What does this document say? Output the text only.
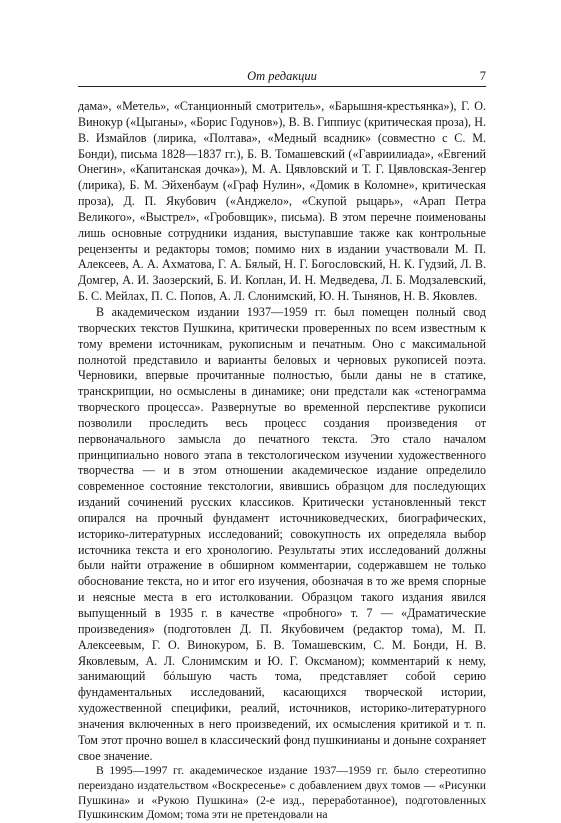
От редакции	7

дама», «Метель», «Станционный смотритель», «Барышня-крестьянка»), Г. О. Винокур («Цыганы», «Борис Годунов»), В. В. Гиппиус (критическая проза), Н. В. Измайлов (лирика, «Полтава», «Медный всадник» (совместно с С. М. Бонди), письма 1828—1837 гг.), Б. В. Томашевский («Гавриилиада», «Евгений Онегин», «Капитанская дочка»), М. А. Цявловский и Т. Г. Цявловская-Зенгер (лирика), Б. М. Эйхенбаум («Граф Нулин», «Домик в Коломне», критическая проза), Д. П. Якубович («Анджело», «Скупой рыцарь», «Арап Петра Великого», «Выстрел», «Гробовщик», письма). В этом перечне поименованы лишь основные сотрудники издания, выступавшие также как контрольные рецензенты и редакторы томов; помимо них в издании участвовали М. П. Алексеев, А. А. Ахматова, Г. А. Бялый, Н. Г. Богословский, Н. К. Гудзий, Л. В. Домгер, А. И. Заозерский, Б. И. Коплан, И. Н. Медведева, Л. Б. Модзалевский, Б. С. Мейлах, П. С. Попов, А. Л. Слонимский, Ю. Н. Тынянов, Н. В. Яковлев.

В академическом издании 1937—1959 гг. был помещен полный свод творческих текстов Пушкина, критически проверенных по всем известным к тому времени источникам, рукописным и печатным. Оно с максимальной полнотой представило и варианты беловых и черновых рукописей поэта. Черновики, впервые прочитанные полностью, были даны не в статике, транскрипции, но осмыслены в динамике; они предстали как «стенограмма творческого процесса». Развернутые во временной перспективе рукописи позволили проследить весь процесс создания произведения от первоначального замысла до печатного текста. Это стало началом принципиально нового этапа в текстологическом изучении художественного творчества — и в этом отношении академическое издание определило современное состояние текстологии, явившись образцом для последующих изданий сочинений русских классиков. Критически установленный текст опирался на прочный фундамент источниковедческих, биографических, историко-литературных исследований; совокупность их определяла выбор источника текста и его хронологию. Результаты этих исследований должны были найти отражение в обширном комментарии, содержавшем не только обоснование текста, но и итог его изучения, обозначая в то же время спорные и неясные места в его истолковании. Образцом такого издания явился выпущенный в 1935 г. в качестве «пробного» т. 7 — «Драматические произведения» (подготовлен Д. П. Якубовичем (редактор тома), М. П. Алексеевым, Г. О. Винокуром, Б. В. Томашевским, С. М. Бонди, Н. В. Яковлевым, А. Л. Слонимским и Ю. Г. Оксманом); комментарий к нему, занимающий бóльшую часть тома, представляет собой серию фундаментальных исследований, касающихся творческой истории, художественной специфики, реалий, источников, историко-литературного значения включенных в него произведений, их осмысления критикой и т. п. Том этот прочно вошел в классический фонд пушкинианы и доныне сохраняет свое значение.

В 1995—1997 гг. академическое издание 1937—1959 гг. было стереотипно переиздано издательством «Воскресенье» с добавлением двух томов — «Рисунки Пушкина» и «Рукою Пушкина» (2-е изд., переработанное), подготовленных Пушкинским Домом; тома эти не претендовали на
